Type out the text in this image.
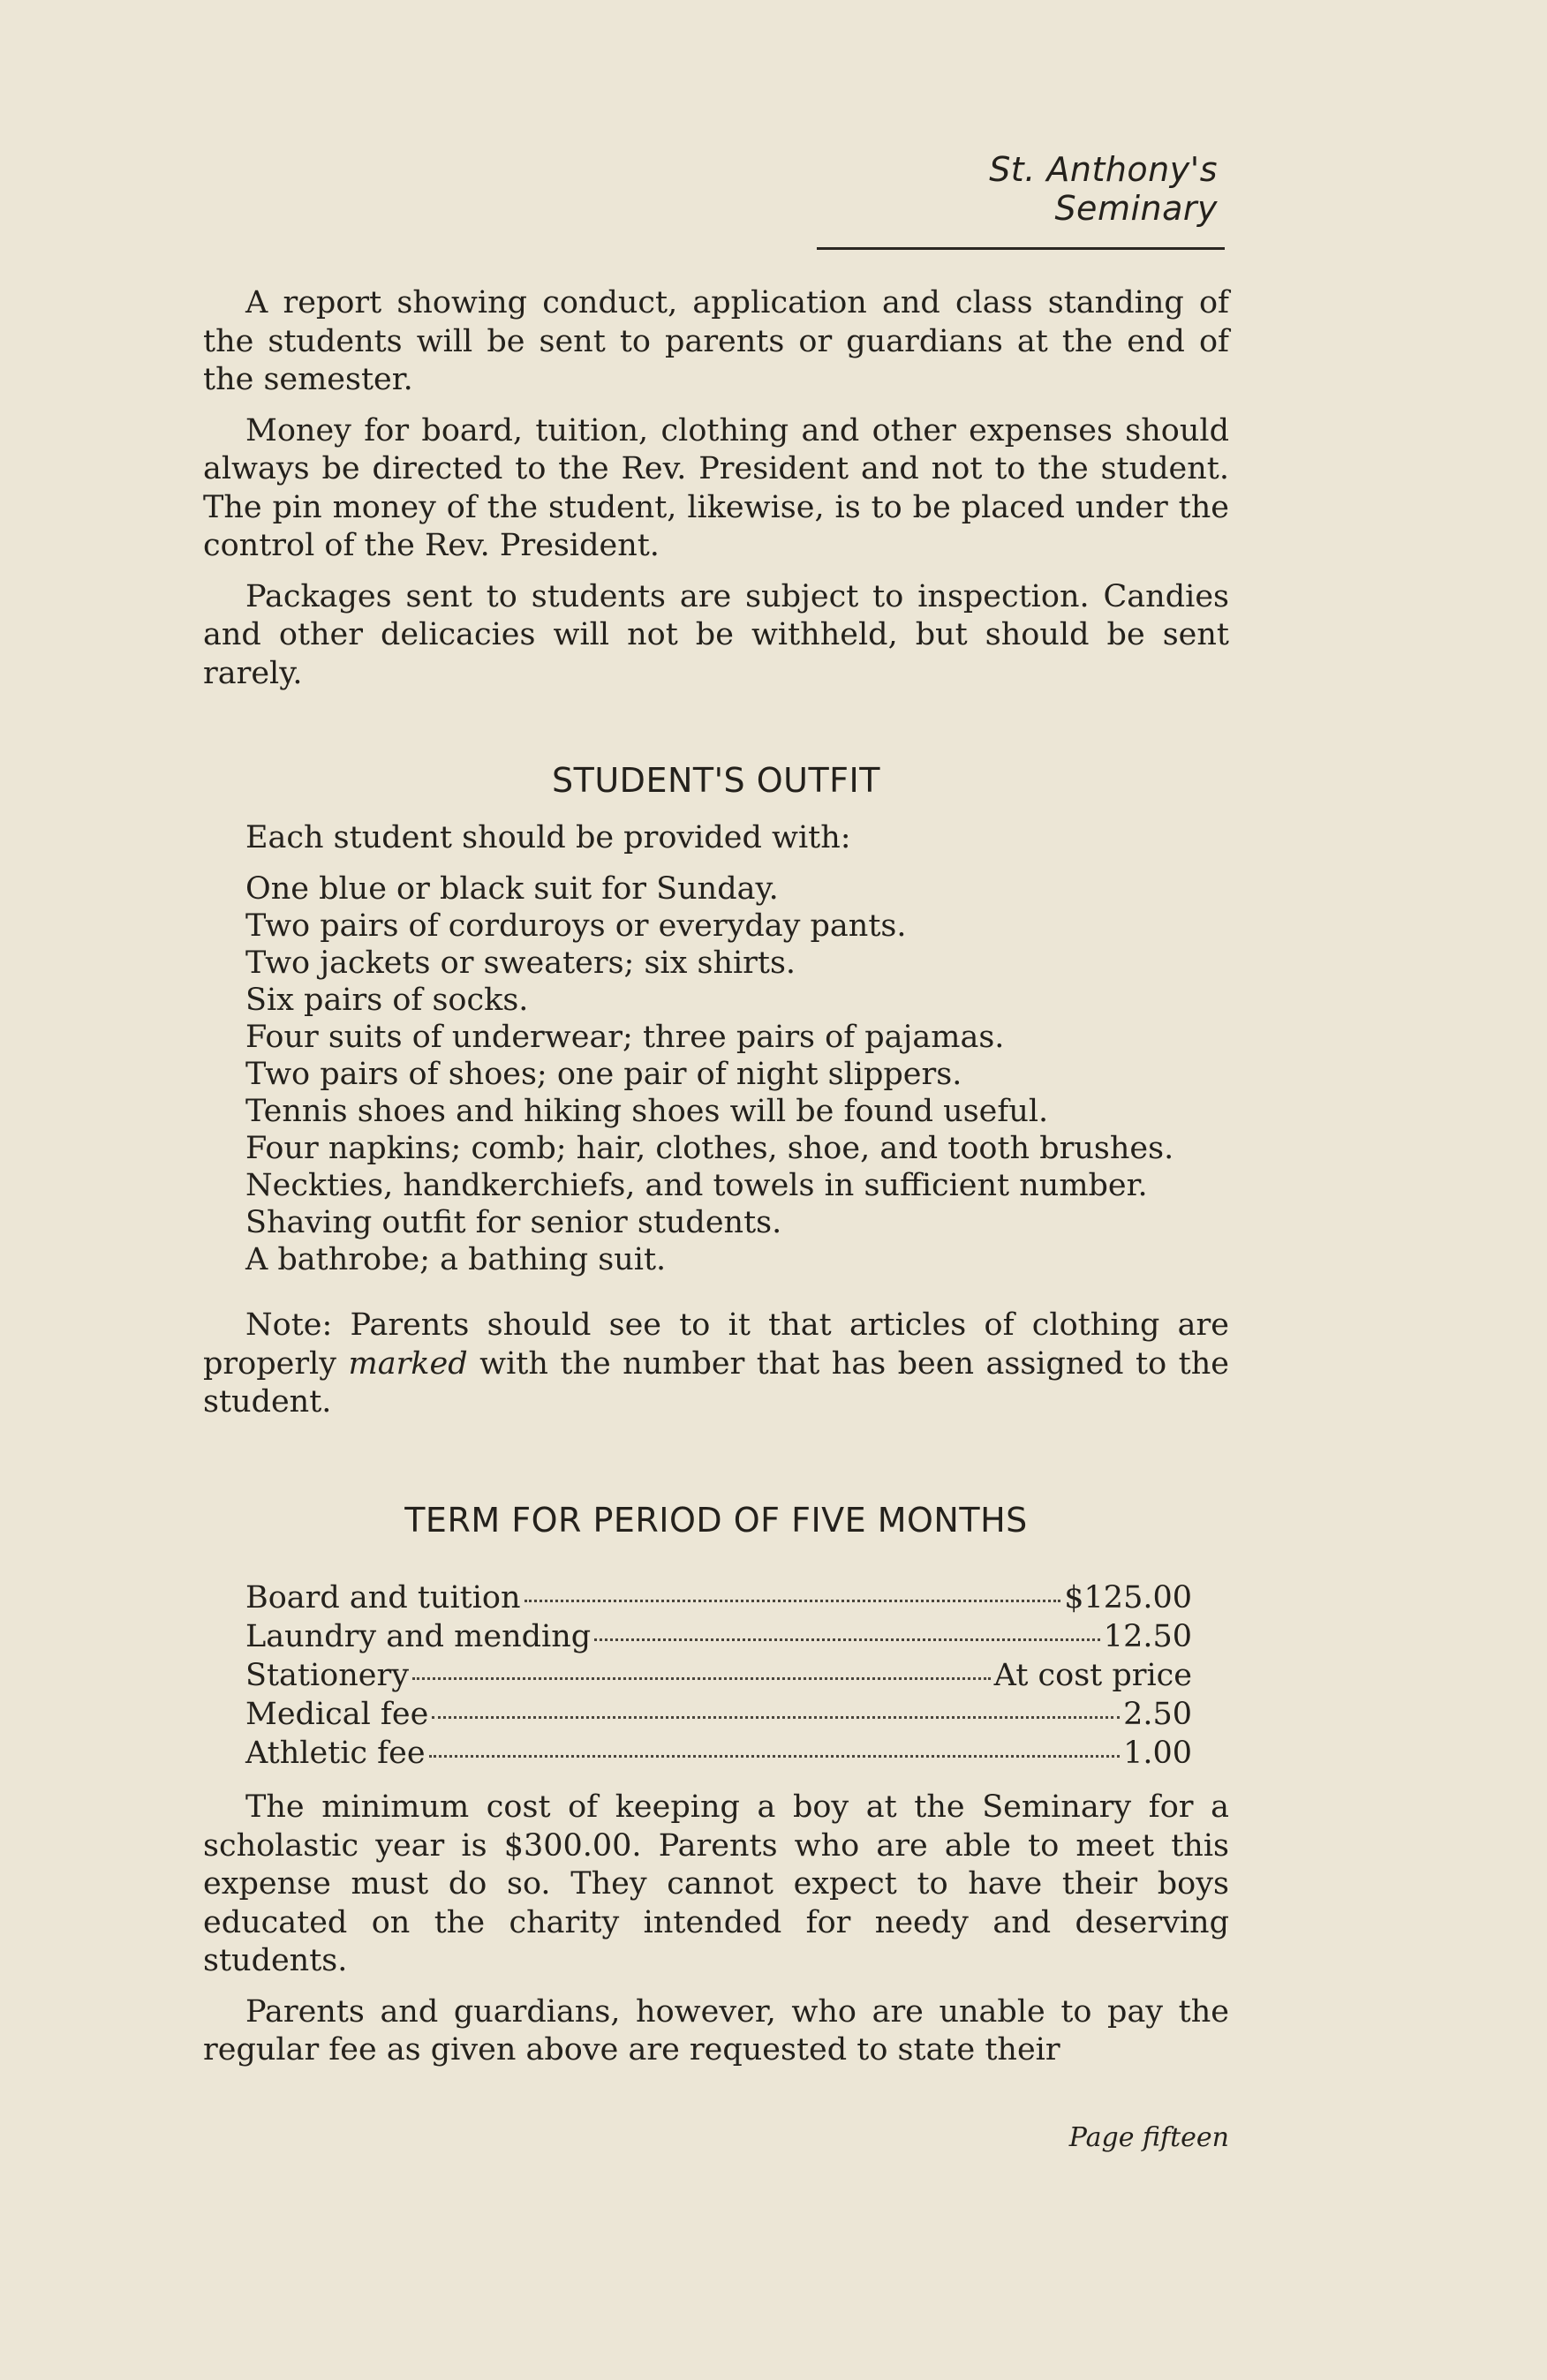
St. Anthony's Seminary

A report showing conduct, application and class standing of the students will be sent to parents or guardians at the end of the semester.

Money for board, tuition, clothing and other expenses should always be directed to the Rev. President and not to the student. The pin money of the student, likewise, is to be placed under the control of the Rev. President.

Packages sent to students are subject to inspection. Candies and other delicacies will not be withheld, but should be sent rarely.

STUDENT'S OUTFIT
Each student should be provided with:
One blue or black suit for Sunday.
Two pairs of corduroys or everyday pants.
Two jackets or sweaters; six shirts.
Six pairs of socks.
Four suits of underwear; three pairs of pajamas.
Two pairs of shoes; one pair of night slippers.
Tennis shoes and hiking shoes will be found useful.
Four napkins; comb; hair, clothes, shoe, and tooth brushes.
Neckties, handkerchiefs, and towels in sufficient number.
Shaving outfit for senior students.
A bathrobe; a bathing suit.

Note: Parents should see to it that articles of clothing are properly marked with the number that has been assigned to the student.

TERM FOR PERIOD OF FIVE MONTHS
Board and tuition	$125.00
Laundry and mending	12.50
Stationery	At cost price
Medical fee	2.50
Athletic fee	1.00

The minimum cost of keeping a boy at the Seminary for a scholastic year is $300.00. Parents who are able to meet this expense must do so. They cannot expect to have their boys educated on the charity intended for needy and deserving students.

Parents and guardians, however, who are unable to pay the regular fee as given above are requested to state their

Page fifteen
